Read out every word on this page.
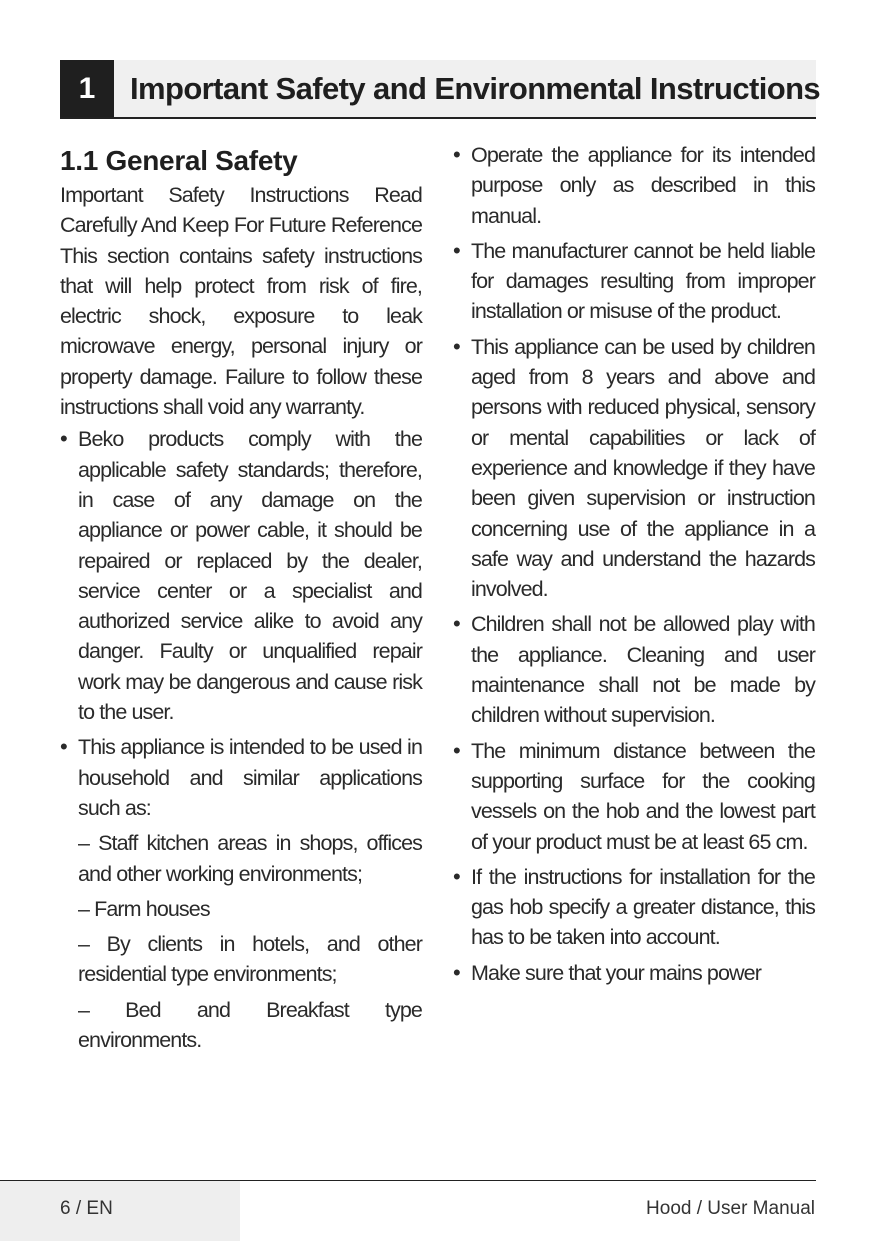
1	Important Safety and Environmental Instructions
1.1 General Safety

Important Safety Instructions Read Carefully And Keep For Future Reference This section contains safety instructions that will help protect from risk of fire, electric shock, exposure to leak microwave energy, personal injury or property damage. Failure to follow these instructions shall void any warranty.

• Beko products comply with the applicable safety standards; therefore, in case of any damage on the appliance or power cable, it should be repaired or replaced by the dealer, service center or a specialist and authorized service alike to avoid any danger. Faulty or unqualified repair work may be dangerous and cause risk to the user.
• This appliance is intended to be used in household and similar applications such as:

– Staff kitchen areas in shops, offices and other working environments;

– Farm houses

– By clients in hotels, and other residential type environments;

– Bed and Breakfast type environments.

• Operate the appliance for its intended purpose only as described in this manual.
• The manufacturer cannot be held liable for damages resulting from improper installation or misuse of the product.
• This appliance can be used by children aged from 8 years and above and persons with reduced physical, sensory or mental capabilities or lack of experience and knowledge if they have been given supervision or instruction concerning use of the appliance in a safe way and understand the hazards involved.
• Children shall not be allowed play with the appliance. Cleaning and user maintenance shall not be made by children without supervision.
• The minimum distance between the supporting surface for the cooking vessels on the hob and the lowest part of your product must be at least 65 cm.
• If the instructions for installation for the gas hob specify a greater distance, this has to be taken into account.
• Make sure that your mains power
6 / EN	Hood / User Manual
